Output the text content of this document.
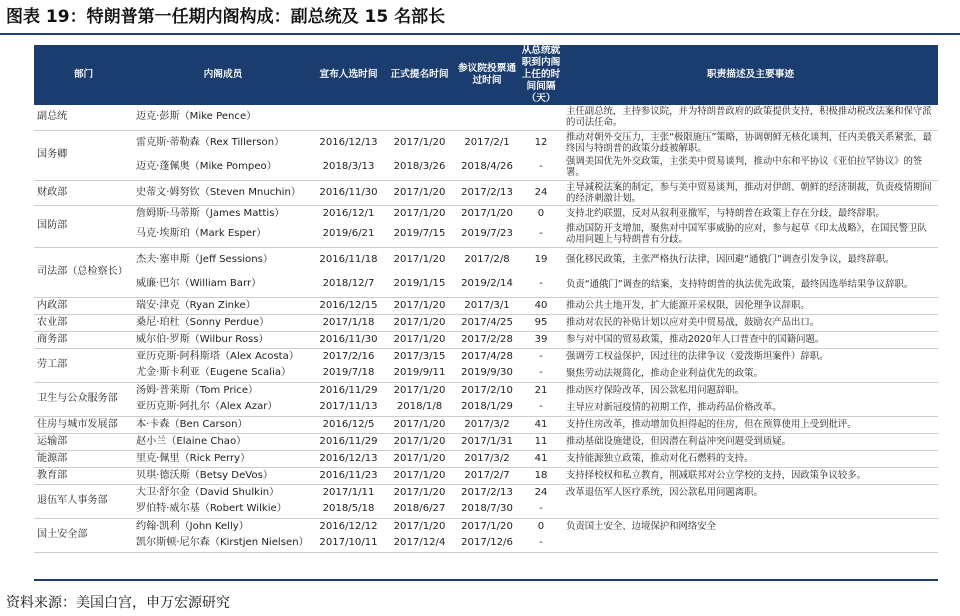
图表 19：特朗普第一任期内阁构成：副总统及 15 名部长
部门	内阁成员	宣布人选时间	正式提名时间	参议院投票通过时间	从总统就职到内阁上任的时间间隔（天）	职责描述及主要事迹
副总统	迈克·彭斯（Mike Pence）					主任副总统，主持参议院，并为特朗普政府的政策提供支持，积极推动税改法案和保守派的司法任命。
国务卿	雷克斯·蒂勒森（Rex Tillerson）	2016/12/13	2017/1/20	2017/2/1	12	推动对朝外交压力，主张“极限施压”策略，协调朝鲜无核化谈判，任内美俄关系紧张，最终因与特朗普的政策分歧被解职。
	迈克·蓬佩奥（Mike Pompeo）	2018/3/13	2018/3/26	2018/4/26	-	强调美国优先外交政策，主张美中贸易谈判，推动中东和平协议《亚伯拉罕协议》的签署。
财政部	史蒂文·姆努钦（Steven Mnuchin）	2016/11/30	2017/1/20	2017/2/13	24	主导减税法案的制定，参与美中贸易谈判，推动对伊朗、朝鲜的经济制裁，负责疫情期间的经济刺激计划。
国防部	詹姆斯·马蒂斯（James Mattis）	2016/12/1	2017/1/20	2017/1/20	0	支持北约联盟，反对从叙利亚撤军，与特朗普在政策上存在分歧，最终辞职。
	马克·埃斯珀（Mark Esper）	2019/6/21	2019/7/15	2019/7/23	-	推动国防开支增加，聚焦对中国军事威胁的应对，参与起草《印太战略》，在国民警卫队动用问题上与特朗普有分歧。
司法部（总检察长）	杰夫·塞申斯（Jeff Sessions）	2016/11/18	2017/1/20	2017/2/8	19	强化移民政策，主张严格执行法律，因回避“通俄门”调查引发争议，最终辞职。
	威廉·巴尔（William Barr）	2018/12/7	2019/1/15	2019/2/14	-	负责“通俄门”调查的结案，支持特朗普的执法优先政策，最终因选举结果争议辞职。
内政部	瑞安·津克（Ryan Zinke）	2016/12/15	2017/1/20	2017/3/1	40	推动公共土地开发，扩大能源开采权限，因伦理争议辞职。
农业部	桑尼·珀杜（Sonny Perdue）	2017/1/18	2017/1/20	2017/4/25	95	推动对农民的补贴计划以应对美中贸易战，鼓励农产品出口。
商务部	威尔伯·罗斯（Wilbur Ross）	2016/11/30	2017/1/20	2017/2/28	39	参与对中国的贸易政策，推动2020年人口普查中的国籍问题。
劳工部	亚历克斯·阿科斯塔（Alex Acosta）	2017/2/16	2017/3/15	2017/4/28	-	强调劳工权益保护，因过往的法律争议（爱泼斯坦案件）辞职。
	尤金·斯卡利亚（Eugene Scalia）	2019/7/18	2019/9/11	2019/9/30	-	聚焦劳动法规简化，推动企业利益优先的政策。
卫生与公众服务部	汤姆·普莱斯（Tom Price）	2016/11/29	2017/1/20	2017/2/10	21	推动医疗保险改革，因公款私用问题辞职。
	亚历克斯·阿扎尔（Alex Azar）	2017/11/13	2018/1/8	2018/1/29	-	主导应对新冠疫情的初期工作，推动药品价格改革。
住房与城市发展部	本·卡森（Ben Carson）	2016/12/5	2017/1/20	2017/3/2	41	支持住房改革，推动增加负担得起的住房，但在预算使用上受到批评。
运输部	赵小兰（Elaine Chao）	2016/11/29	2017/1/20	2017/1/31	11	推动基础设施建设，但因潜在利益冲突问题受到质疑。
能源部	里克·佩里（Rick Perry）	2016/12/13	2017/1/20	2017/3/2	41	支持能源独立政策，推动对化石燃料的支持。
教育部	贝琪·德沃斯（Betsy DeVos）	2016/11/23	2017/1/20	2017/2/7	18	支持择校权和私立教育，削减联邦对公立学校的支持，因政策争议较多。
退伍军人事务部	大卫·舒尔金（David Shulkin）	2017/1/11	2017/1/20	2017/2/13	24	改革退伍军人医疗系统，因公款私用问题离职。
	罗伯特·威尔基（Robert Wilkie）	2018/5/18	2018/6/27	2018/7/30	-	
国土安全部	约翰·凯利（John Kelly）	2016/12/12	2017/1/20	2017/1/20	0	负责国土安全、边境保护和网络安全
	凯尔斯顿·尼尔森（Kirstjen Nielsen）	2017/10/11	2017/12/4	2017/12/6	-	
资料来源：美国白宫，申万宏源研究
